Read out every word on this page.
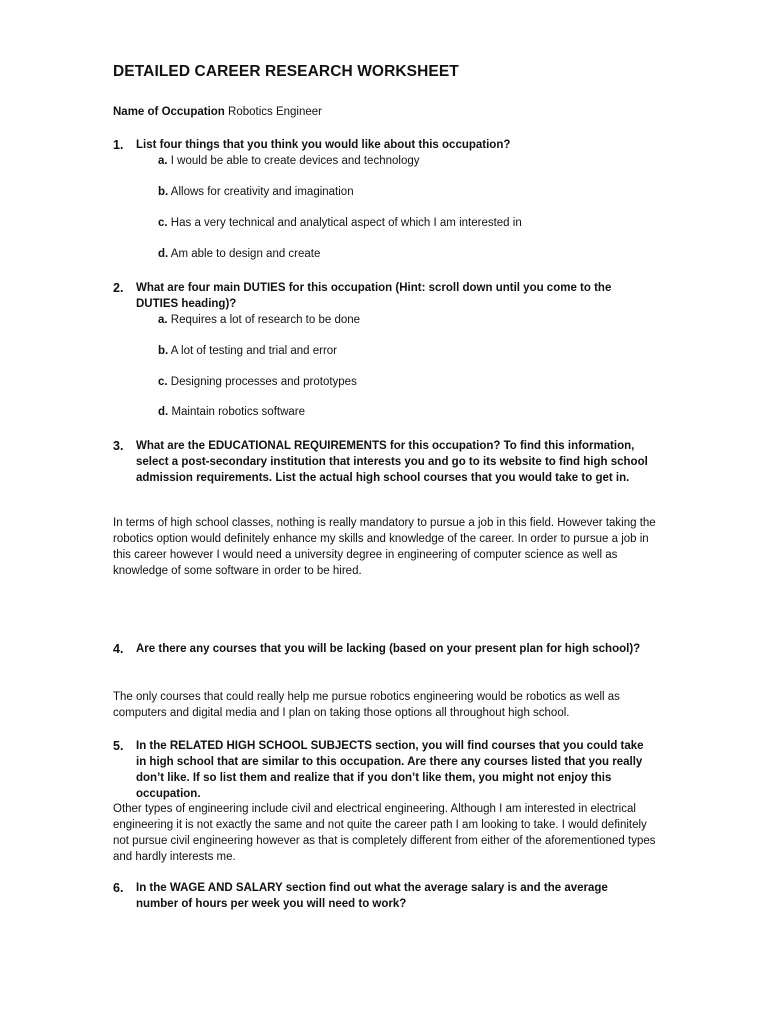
DETAILED CAREER RESEARCH WORKSHEET
Name of Occupation Robotics Engineer
1. List four things that you think you would like about this occupation?
a. I would be able to create devices and technology
b. Allows for creativity and imagination
c. Has a very technical and analytical aspect of which I am interested in
d. Am able to design and create
2. What are four main DUTIES for this occupation (Hint: scroll down until you come to the DUTIES heading)?
a. Requires a lot of research to be done
b. A lot of testing and trial and error
c. Designing processes and prototypes
d. Maintain robotics software
3. What are the EDUCATIONAL REQUIREMENTS for this occupation? To find this information, select a post-secondary institution that interests you and go to its website to find high school admission requirements. List the actual high school courses that you would take to get in.
In terms of high school classes, nothing is really mandatory to pursue a job in this field. However taking the robotics option would definitely enhance my skills and knowledge of the career. In order to pursue a job in this career however I would need a university degree in engineering of computer science as well as knowledge of some software in order to be hired.
4. Are there any courses that you will be lacking (based on your present plan for high school)?
The only courses that could really help me pursue robotics engineering would be robotics as well as computers and digital media and I plan on taking those options all throughout high school.
5. In the RELATED HIGH SCHOOL SUBJECTS section, you will find courses that you could take in high school that are similar to this occupation. Are there any courses listed that you really don’t like. If so list them and realize that if you don’t like them, you might not enjoy this occupation.
Other types of engineering include civil and electrical engineering. Although I am interested in electrical engineering it is not exactly the same and not quite the career path I am looking to take. I would definitely not pursue civil engineering however as that is completely different from either of the aforementioned types and hardly interests me.
6. In the WAGE AND SALARY section find out what the average salary is and the average number of hours per week you will need to work?
